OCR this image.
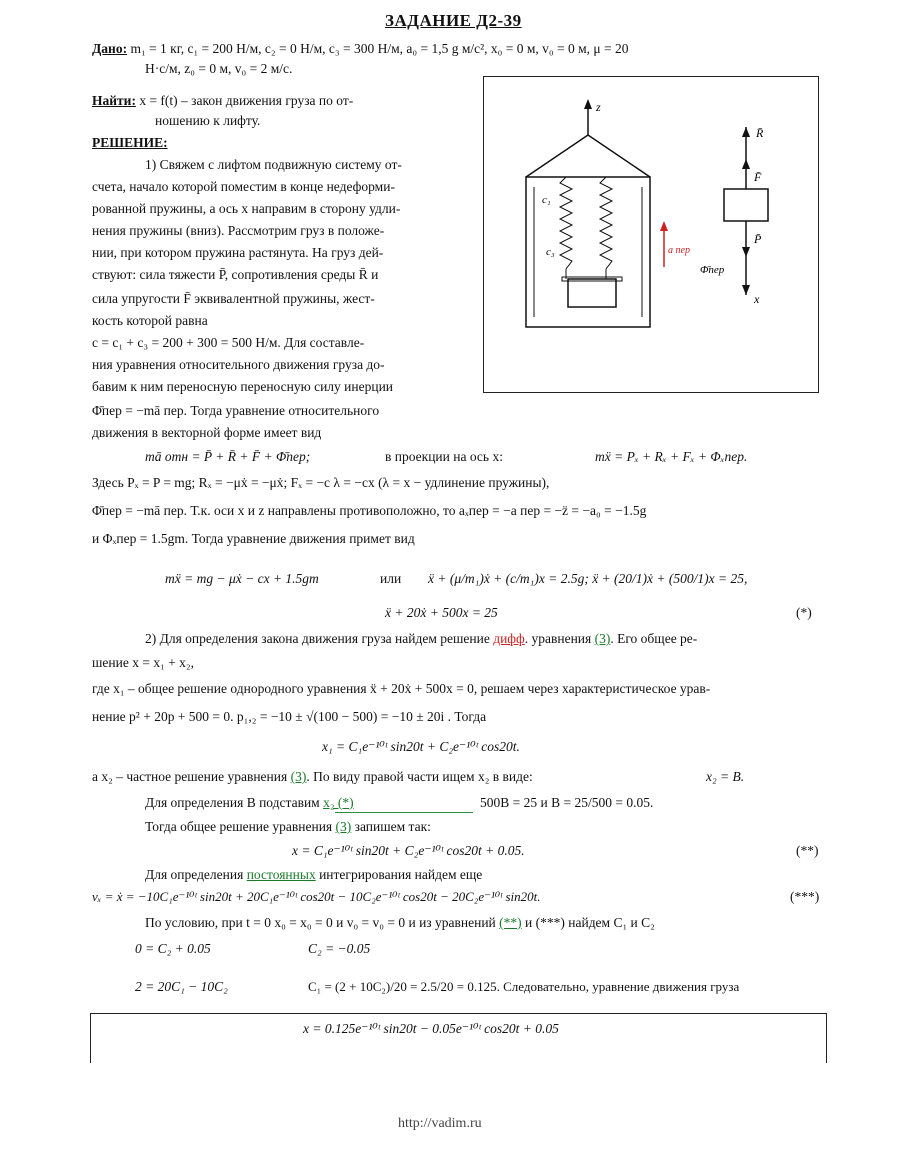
ЗАДАНИЕ Д2-39
Дано: m₁ = 1 кг, c₁ = 200 Н/м, c₂ = 0 Н/м, c₃ = 300 Н/м, a₀ = 1,5 g м/с², x₀ = 0 м, v₀ = 0 м, μ = 20
Н·с/м, z₀ = 0 м, v₀ = 2 м/с.
Найти: x = f(t) – закон движения груза по от-
ношению к лифту.
РЕШЕНИЕ:
1) Свяжем с лифтом подвижную систему от-
счета, начало которой поместим в конце недеформи-
рованной пружины, а ось x направим в сторону удли-
нения пружины (вниз). Рассмотрим груз в положе-
нии, при котором пружина растянута. На груз дей-
ствуют: сила тяжести P̄, сопротивления среды R̄ и
сила упругости F̄ эквивалентной пружины, жест-
кость которой равна
c = c₁ + c₃ = 200 + 300 = 500 Н/м. Для составле-
ния уравнения относительного движения груза до-
бавим к ним переносную переносную силу инерции
Φ̄пер = −mā пер. Тогда уравнение относительного
движения в векторной форме имеет вид
z
c₁
c₃	a пер
R̄
F̄
P̄
Φ̄пер
x
mā отн = P̄ + R̄ + F̄ + Φ̄пер;	в проекции на ось x:	mẍ = Pₓ + Rₓ + Fₓ + Φₓпер.
Здесь Pₓ = P = mg; Rₓ = −μẋ = −μẋ; Fₓ = −c λ = −cx (λ = x − удлинение пружины),
Φ̄пер = −mā пер. Т.к. оси x и z направлены противоположно, то aₓпер = −a пер = −z̈ = −a₀ = −1.5g
и Φₓпер = 1.5gm. Тогда уравнение движения примет вид
mẍ = mg − μẋ − cx + 1.5gm	или ẍ + (μ/m₁)ẋ + (c/m₁)x = 2.5g; ẍ + (20/1)ẋ + (500/1)x = 25,
ẍ + 20ẋ + 500x = 25	(*)
2) Для определения закона движения груза найдем решение дифф. уравнения (3). Его общее ре-
шение x = x₁ + x₂,
где x₁ – общее решение однородного уравнения ẍ + 20ẋ + 500x = 0, решаем через характеристическое урав-
нение p² + 20p + 500 = 0. p₁,₂ = −10 ± √(100 − 500) = −10 ± 20i . Тогда
x₁ = C₁e⁻¹⁰ᵗ sin20t + C₂e⁻¹⁰ᵗ cos20t.
а x₂ – частное решение уравнения (3). По виду правой части ищем x₂ в виде:	x₂ = B.
Для определения B подставим x₂ (*)	500B = 25 и B = 25/500 = 0.05.
Тогда общее решение уравнения (3) запишем так:
x = C₁e⁻¹⁰ᵗ sin20t + C₂e⁻¹⁰ᵗ cos20t + 0.05.	(**)
Для определения постоянных интегрирования найдем еще
vₓ = ẋ = −10C₁e⁻¹⁰ᵗ sin20t + 20C₁e⁻¹⁰ᵗ cos20t − 10C₂e⁻¹⁰ᵗ cos20t − 20C₂e⁻¹⁰ᵗ sin20t.	(***)
По условию, при t = 0 x₀ = x₀ = 0 и v₀ = v₀ = 0 и из уравнений (**) и (***) найдем C₁ и C₂
0 = C₂ + 0.05	C₂ = −0.05
2 = 20C₁ − 10C₂	C₁ = (2 + 10C₂)/20 = 2.5/20 = 0.125. Следовательно, уравнение движения груза
x = 0.125e⁻¹⁰ᵗ sin20t − 0.05e⁻¹⁰ᵗ cos20t + 0.05
http://vadim.ru
